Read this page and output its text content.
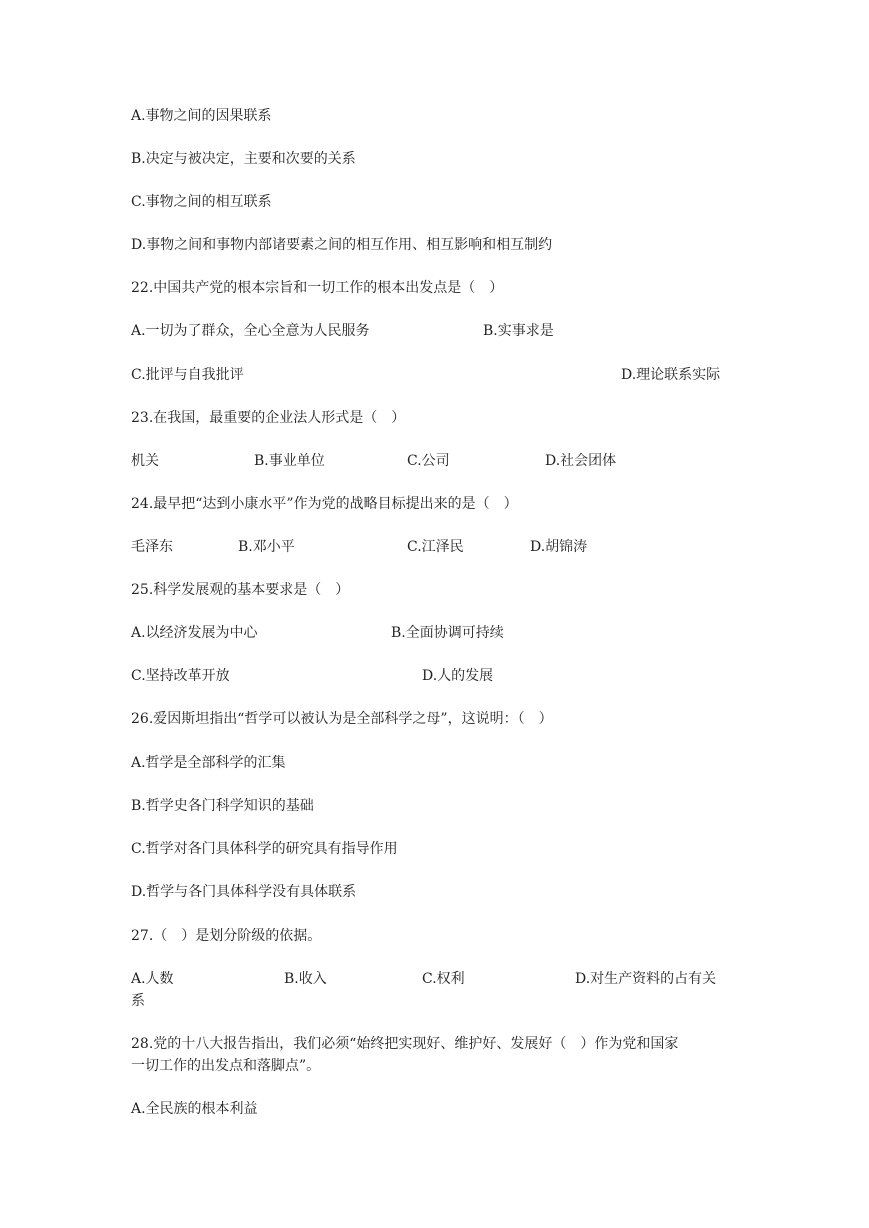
A.事物之间的因果联系
B.决定与被决定，主要和次要的关系
C.事物之间的相互联系
D.事物之间和事物内部诸要素之间的相互作用、相互影响和相互制约
22.中国共产党的根本宗旨和一切工作的根本出发点是（　）
A.一切为了群众，全心全意为人民服务	B.实事求是
C.批评与自我批评	D.理论联系实际
23.在我国，最重要的企业法人形式是（　）
机关	B.事业单位	C.公司	D.社会团体
24.最早把“达到小康水平”作为党的战略目标提出来的是（　）
毛泽东	B.邓小平	C.江泽民	D.胡锦涛
25.科学发展观的基本要求是（　）
A.以经济发展为中心	B.全面协调可持续
C.坚持改革开放	D.人的发展
26.爱因斯坦指出“哲学可以被认为是全部科学之母”，这说明：（　）
A.哲学是全部科学的汇集
B.哲学史各门科学知识的基础
C.哲学对各门具体科学的研究具有指导作用
D.哲学与各门具体科学没有具体联系
27.（　）是划分阶级的依据。
A.人数	B.收入	C.权利	D.对生产资料的占有关
系
28.党的十八大报告指出，我们必须“始终把实现好、维护好、发展好（　）作为党和国家
一切工作的出发点和落脚点”。
A.全民族的根本利益
